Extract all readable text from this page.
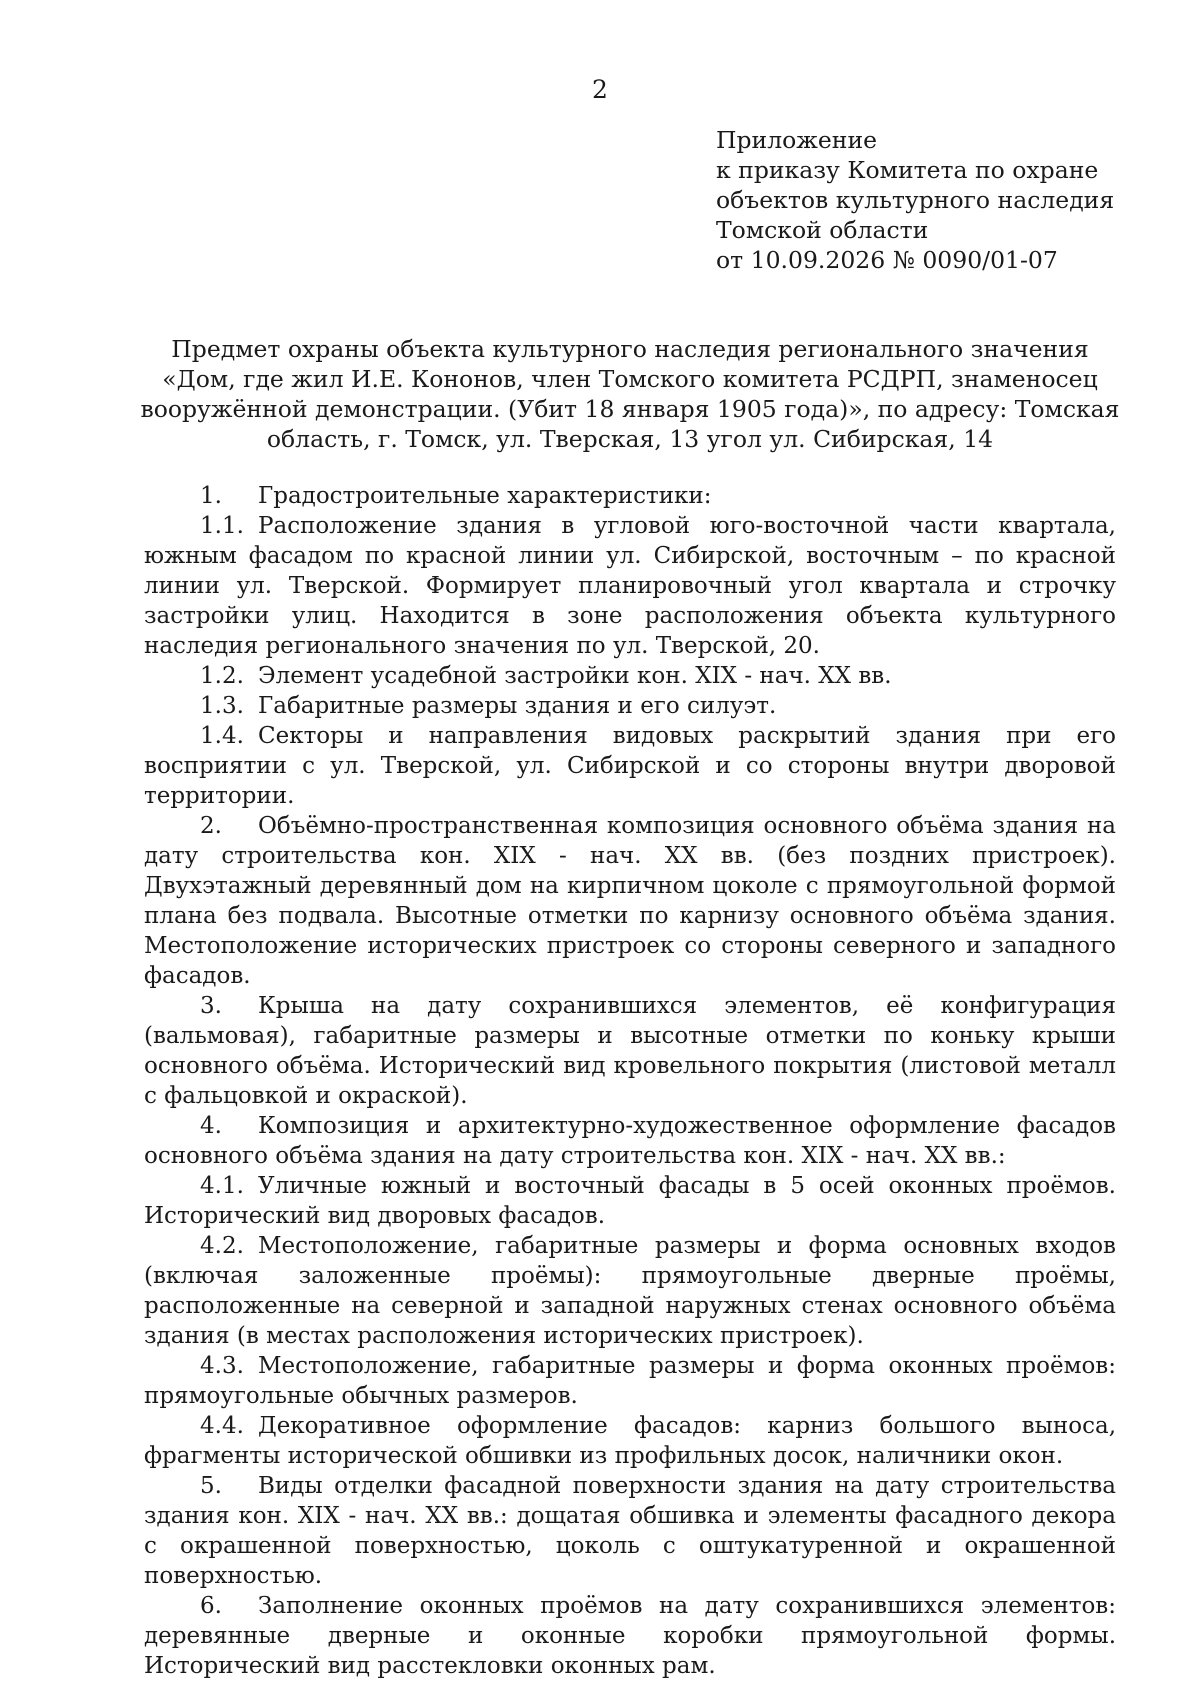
2
Приложение
к приказу Комитета по охране
объектов культурного наследия
Томской области
от 10.09.2026 № 0090/01-07
Предмет охраны объекта культурного наследия регионального значения
«Дом, где жил И.Е. Кононов, член Томского комитета РСДРП, знаменосец
вооружённой демонстрации. (Убит 18 января 1905 года)», по адресу: Томская
область, г. Томск, ул. Тверская, 13 угол ул. Сибирская, 14
1. Градостроительные характеристики:
1.1. Расположение здания в угловой юго-восточной части квартала, южным фасадом по красной линии ул. Сибирской, восточным – по красной линии ул. Тверской. Формирует планировочный угол квартала и строчку застройки улиц. Находится в зоне расположения объекта культурного наследия регионального значения по ул. Тверской, 20.
1.2. Элемент усадебной застройки кон. XIX - нач. XX вв.
1.3. Габаритные размеры здания и его силуэт.
1.4. Секторы и направления видовых раскрытий здания при его восприятии с ул. Тверской, ул. Сибирской и со стороны внутри дворовой территории.
2. Объёмно-пространственная композиция основного объёма здания на дату строительства кон. XIX - нач. XX вв. (без поздних пристроек). Двухэтажный деревянный дом на кирпичном цоколе с прямоугольной формой плана без подвала. Высотные отметки по карнизу основного объёма здания. Местоположение исторических пристроек со стороны северного и западного фасадов.
3. Крыша на дату сохранившихся элементов, её конфигурация (вальмовая), габаритные размеры и высотные отметки по коньку крыши основного объёма. Исторический вид кровельного покрытия (листовой металл с фальцовкой и окраской).
4. Композиция и архитектурно-художественное оформление фасадов основного объёма здания на дату строительства кон. XIX - нач. XX вв.:
4.1. Уличные южный и восточный фасады в 5 осей оконных проёмов. Исторический вид дворовых фасадов.
4.2. Местоположение, габаритные размеры и форма основных входов (включая заложенные проёмы): прямоугольные дверные проёмы, расположенные на северной и западной наружных стенах основного объёма здания (в местах расположения исторических пристроек).
4.3. Местоположение, габаритные размеры и форма оконных проёмов: прямоугольные обычных размеров.
4.4. Декоративное оформление фасадов: карниз большого выноса, фрагменты исторической обшивки из профильных досок, наличники окон.
5. Виды отделки фасадной поверхности здания на дату строительства здания кон. XIX - нач. XX вв.: дощатая обшивка и элементы фасадного декора с окрашенной поверхностью, цоколь с оштукатуренной и окрашенной поверхностью.
6. Заполнение оконных проёмов на дату сохранившихся элементов: деревянные дверные и оконные коробки прямоугольной формы. Исторический вид расстекловки оконных рам.
